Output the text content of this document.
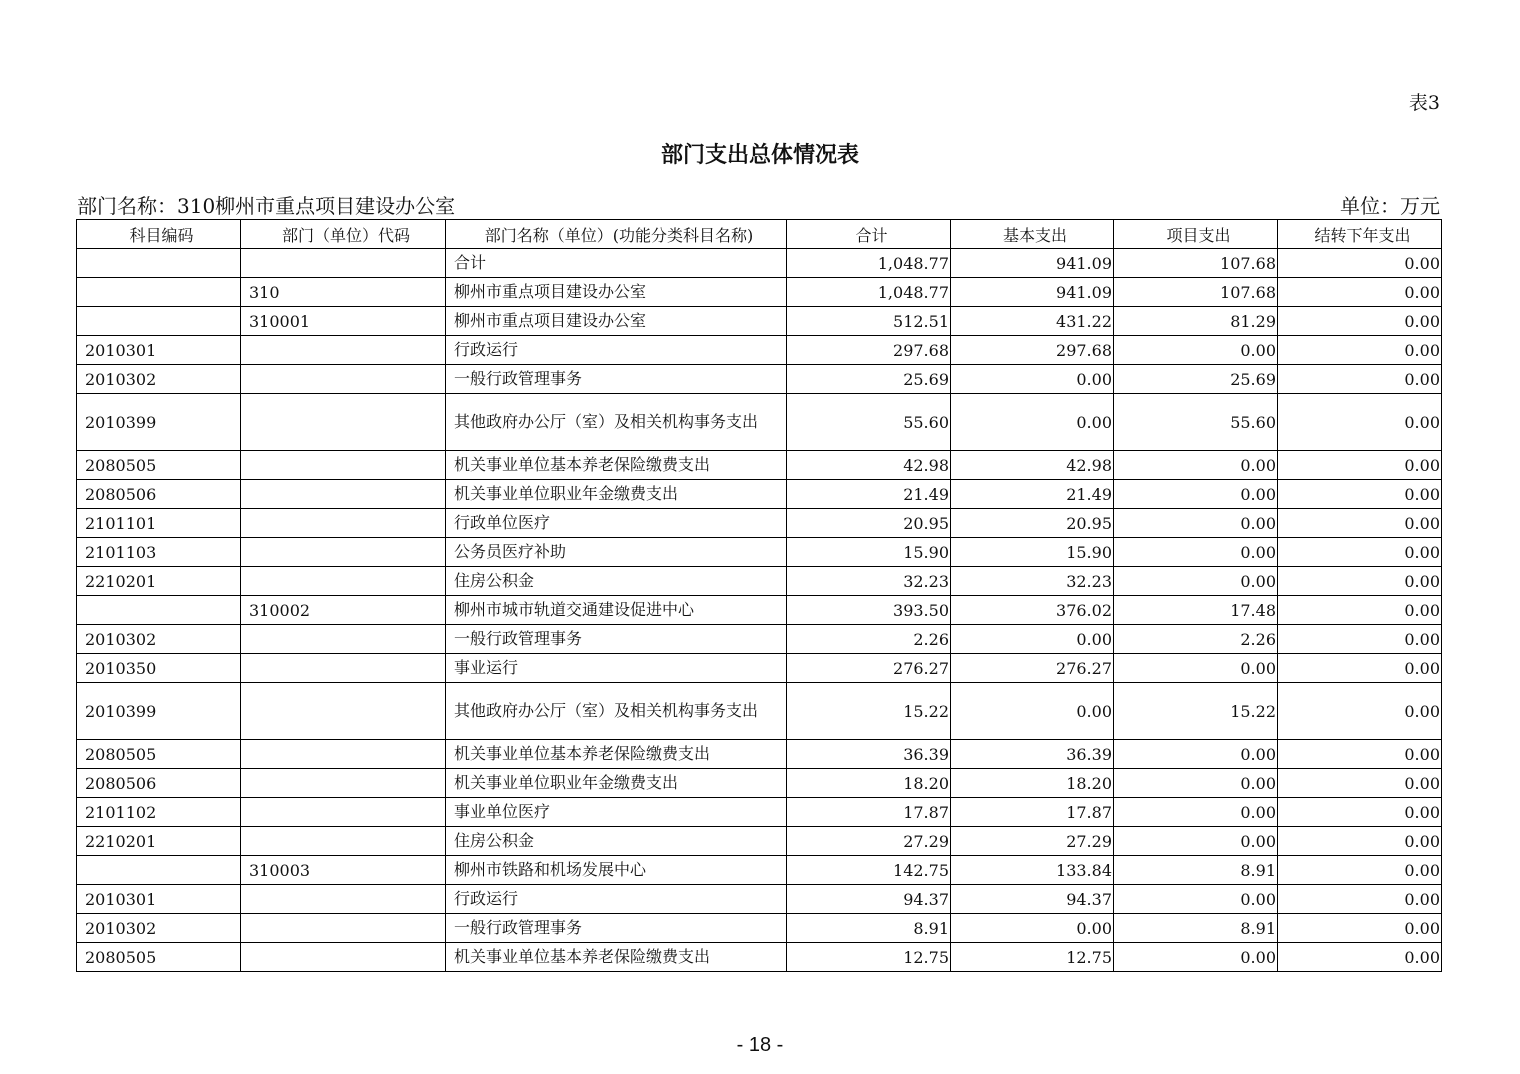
表3
部门支出总体情况表
部门名称：310柳州市重点项目建设办公室	单位：万元
科目编码	部门（单位）代码	部门名称（单位）(功能分类科目名称)	合计	基本支出	项目支出	结转下年支出
		合计	1,048.77	941.09	107.68	0.00
	310	柳州市重点项目建设办公室	1,048.77	941.09	107.68	0.00
	310001	柳州市重点项目建设办公室	512.51	431.22	81.29	0.00
2010301		行政运行	297.68	297.68	0.00	0.00
2010302		一般行政管理事务	25.69	0.00	25.69	0.00
2010399		其他政府办公厅（室）及相关机构事务支出	55.60	0.00	55.60	0.00
2080505		机关事业单位基本养老保险缴费支出	42.98	42.98	0.00	0.00
2080506		机关事业单位职业年金缴费支出	21.49	21.49	0.00	0.00
2101101		行政单位医疗	20.95	20.95	0.00	0.00
2101103		公务员医疗补助	15.90	15.90	0.00	0.00
2210201		住房公积金	32.23	32.23	0.00	0.00
	310002	柳州市城市轨道交通建设促进中心	393.50	376.02	17.48	0.00
2010302		一般行政管理事务	2.26	0.00	2.26	0.00
2010350		事业运行	276.27	276.27	0.00	0.00
2010399		其他政府办公厅（室）及相关机构事务支出	15.22	0.00	15.22	0.00
2080505		机关事业单位基本养老保险缴费支出	36.39	36.39	0.00	0.00
2080506		机关事业单位职业年金缴费支出	18.20	18.20	0.00	0.00
2101102		事业单位医疗	17.87	17.87	0.00	0.00
2210201		住房公积金	27.29	27.29	0.00	0.00
	310003	柳州市铁路和机场发展中心	142.75	133.84	8.91	0.00
2010301		行政运行	94.37	94.37	0.00	0.00
2010302		一般行政管理事务	8.91	0.00	8.91	0.00
2080505		机关事业单位基本养老保险缴费支出	12.75	12.75	0.00	0.00
- 18 -
